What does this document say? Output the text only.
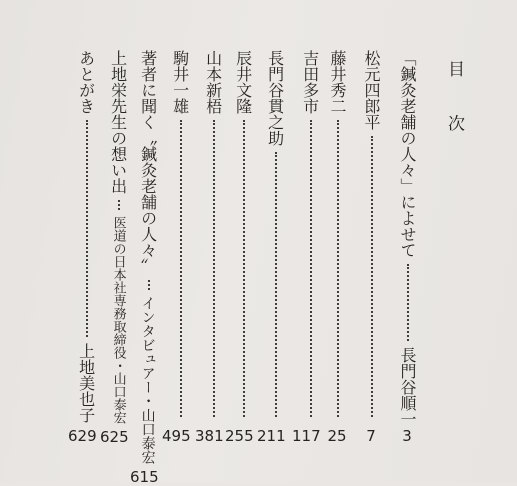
目 次
「鍼灸老舗の人々」によせて
長門谷順一
3
松元四郎平
7
藤井秀二
25
吉田多市
117
長門谷貫之助
211
辰井文隆
255
山本新梧
381
駒井一雄
495
著者に聞く〝鍼灸老舗の人々〟
インタビュアー・山口泰宏
615
上地栄先生の想い出
医道の日本社専務取締役・山口泰宏
625
あとがき
上地美也子
629
